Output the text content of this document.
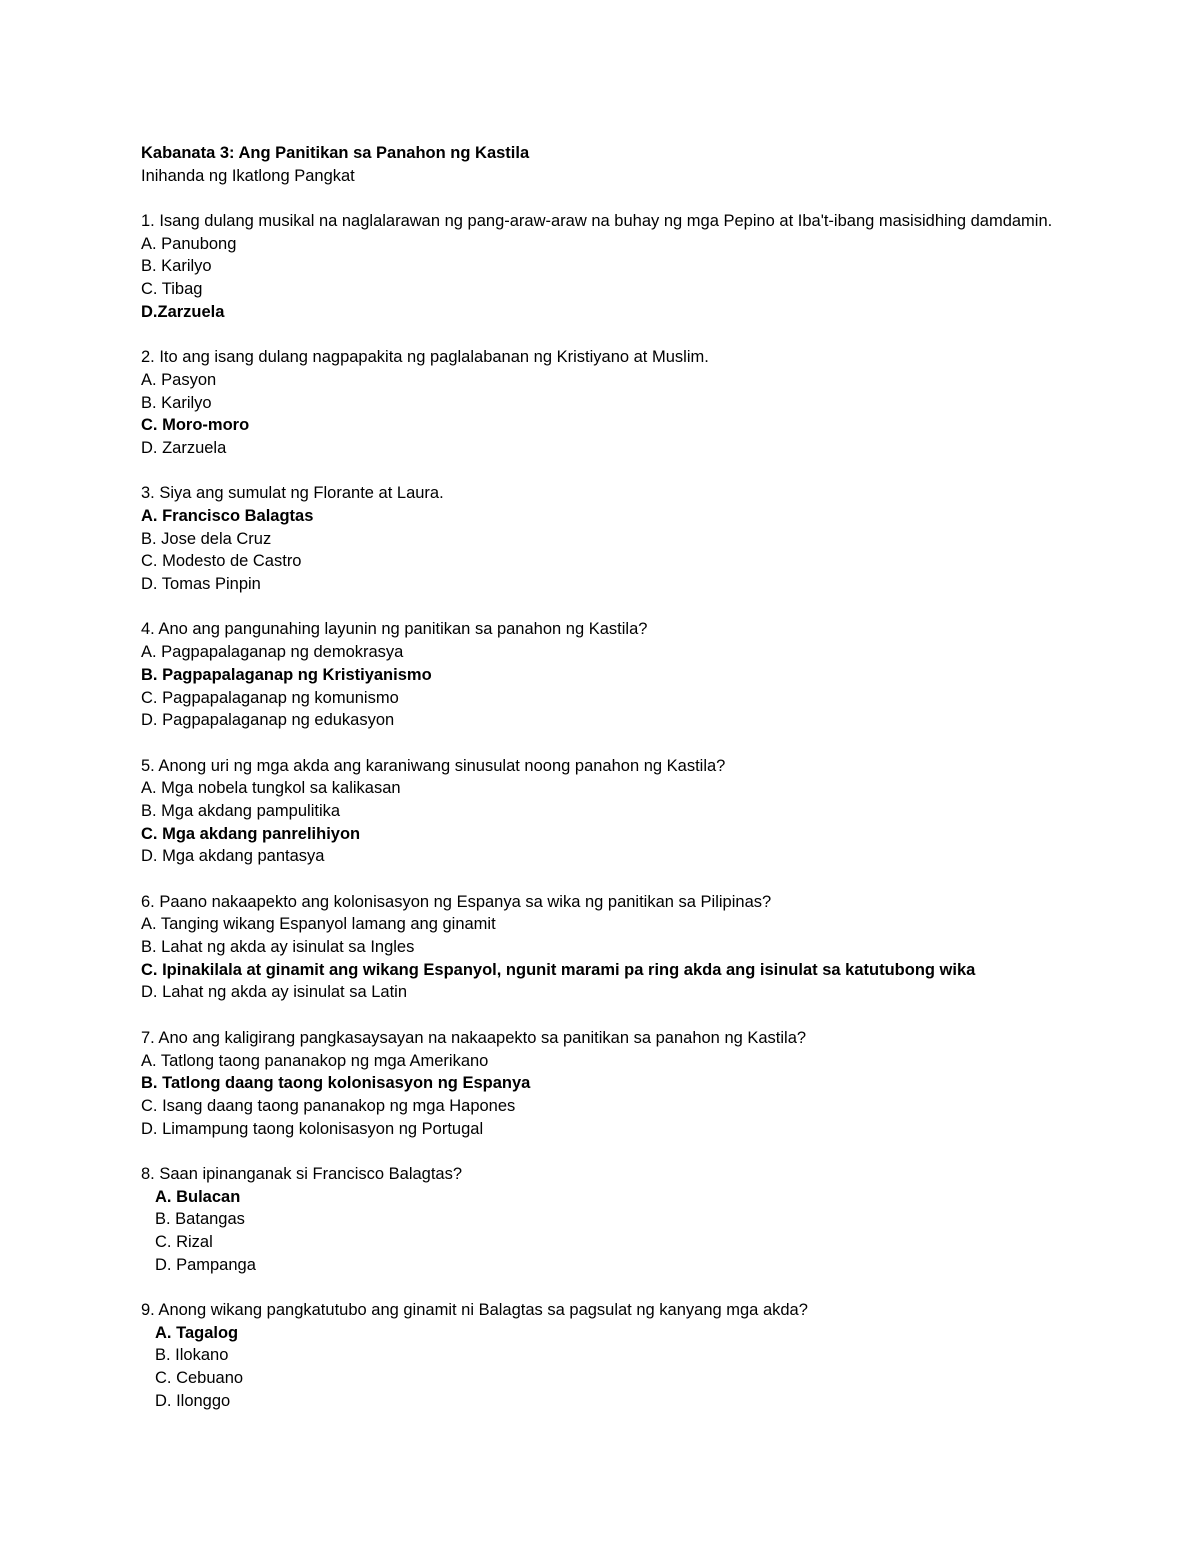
Kabanata 3: Ang Panitikan sa Panahon ng Kastila
Inihanda ng Ikatlong Pangkat
1. Isang dulang musikal na naglalarawan ng pang-araw-araw na buhay ng mga Pepino at Iba't-ibang masisidhing damdamin.
A. Panubong
B. Karilyo
C. Tibag
D.Zarzuela
2. Ito ang isang dulang nagpapakita ng paglalabanan ng Kristiyano at Muslim.
A. Pasyon
B. Karilyo
C. Moro-moro
D. Zarzuela
3. Siya ang sumulat ng Florante at Laura.
A. Francisco Balagtas
B. Jose dela Cruz
C. Modesto de Castro
D. Tomas Pinpin
4. Ano ang pangunahing layunin ng panitikan sa panahon ng Kastila?
A. Pagpapalaganap ng demokrasya
B. Pagpapalaganap ng Kristiyanismo
C. Pagpapalaganap ng komunismo
D. Pagpapalaganap ng edukasyon
5. Anong uri ng mga akda ang karaniwang sinusulat noong panahon ng Kastila?
A. Mga nobela tungkol sa kalikasan
B. Mga akdang pampulitika
C. Mga akdang panrelihiyon
D. Mga akdang pantasya
6. Paano nakaapekto ang kolonisasyon ng Espanya sa wika ng panitikan sa Pilipinas?
A. Tanging wikang Espanyol lamang ang ginamit
B. Lahat ng akda ay isinulat sa Ingles
C. Ipinakilala at ginamit ang wikang Espanyol, ngunit marami pa ring akda ang isinulat sa katutubong wika
D. Lahat ng akda ay isinulat sa Latin
7. Ano ang kaligirang pangkasaysayan na nakaapekto sa panitikan sa panahon ng Kastila?
A. Tatlong taong pananakop ng mga Amerikano
B. Tatlong daang taong kolonisasyon ng Espanya
C. Isang daang taong pananakop ng mga Hapones
D. Limampung taong kolonisasyon ng Portugal
8. Saan ipinanganak si Francisco Balagtas?
A. Bulacan
B. Batangas
C. Rizal
D. Pampanga
9. Anong wikang pangkatutubo ang ginamit ni Balagtas sa pagsulat ng kanyang mga akda?
A. Tagalog
B. Ilokano
C. Cebuano
D. Ilonggo
